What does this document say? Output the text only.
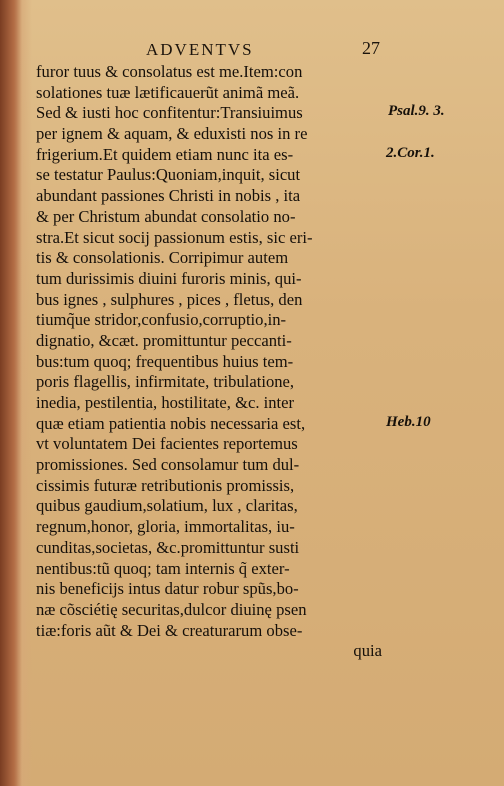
ADVENTVS	27
furor tuus & consolatus est me.Item:con
solationes tuæ lætificauerũt animã meã.
Sed & iusti hoc confitentur:Transiuimus
per ignem & aquam, & eduxisti nos in re
frigerium.Et quidem etiam nunc ita es-
se testatur Paulus:Quoniam,inquit, sicut
abundant passiones Christi in nobis , ita
& per Christum abundat consolatio no-
stra.Et sicut socij passionum estis, sic eri-
tis & consolationis. Corripimur autem
tum durissimis diuini furoris minis, qui-
bus ignes , sulphures , pices , fletus, den
tiumq̃ue stridor,confusio,corruptio,in-
dignatio, &cæt. promittuntur peccanti-
bus:tum quoq; frequentibus huius tem-
poris flagellis, infirmitate, tribulatione,
inedia, pestilentia, hostilitate, &c. inter
quæ etiam patientia nobis necessaria est,
vt voluntatem Dei facientes reportemus
promissiones. Sed consolamur tum dul-
cissimis futuræ retributionis promissis,
quibus gaudium,solatium, lux , claritas,
regnum,honor, gloria, immortalitas, iu-
cunditas,societas, &c.promittuntur susti
nentibus:tũ quoq; tam internis q̃ exter-
nis beneficijs intus datur robur spũs,bo-
næ cõsciétię securitas,dulcor diuinę psen
tiæ:foris aũt & Dei & creaturarum obse-
quia
Psal.9. 3.
2.Cor.1.
Heb.10
